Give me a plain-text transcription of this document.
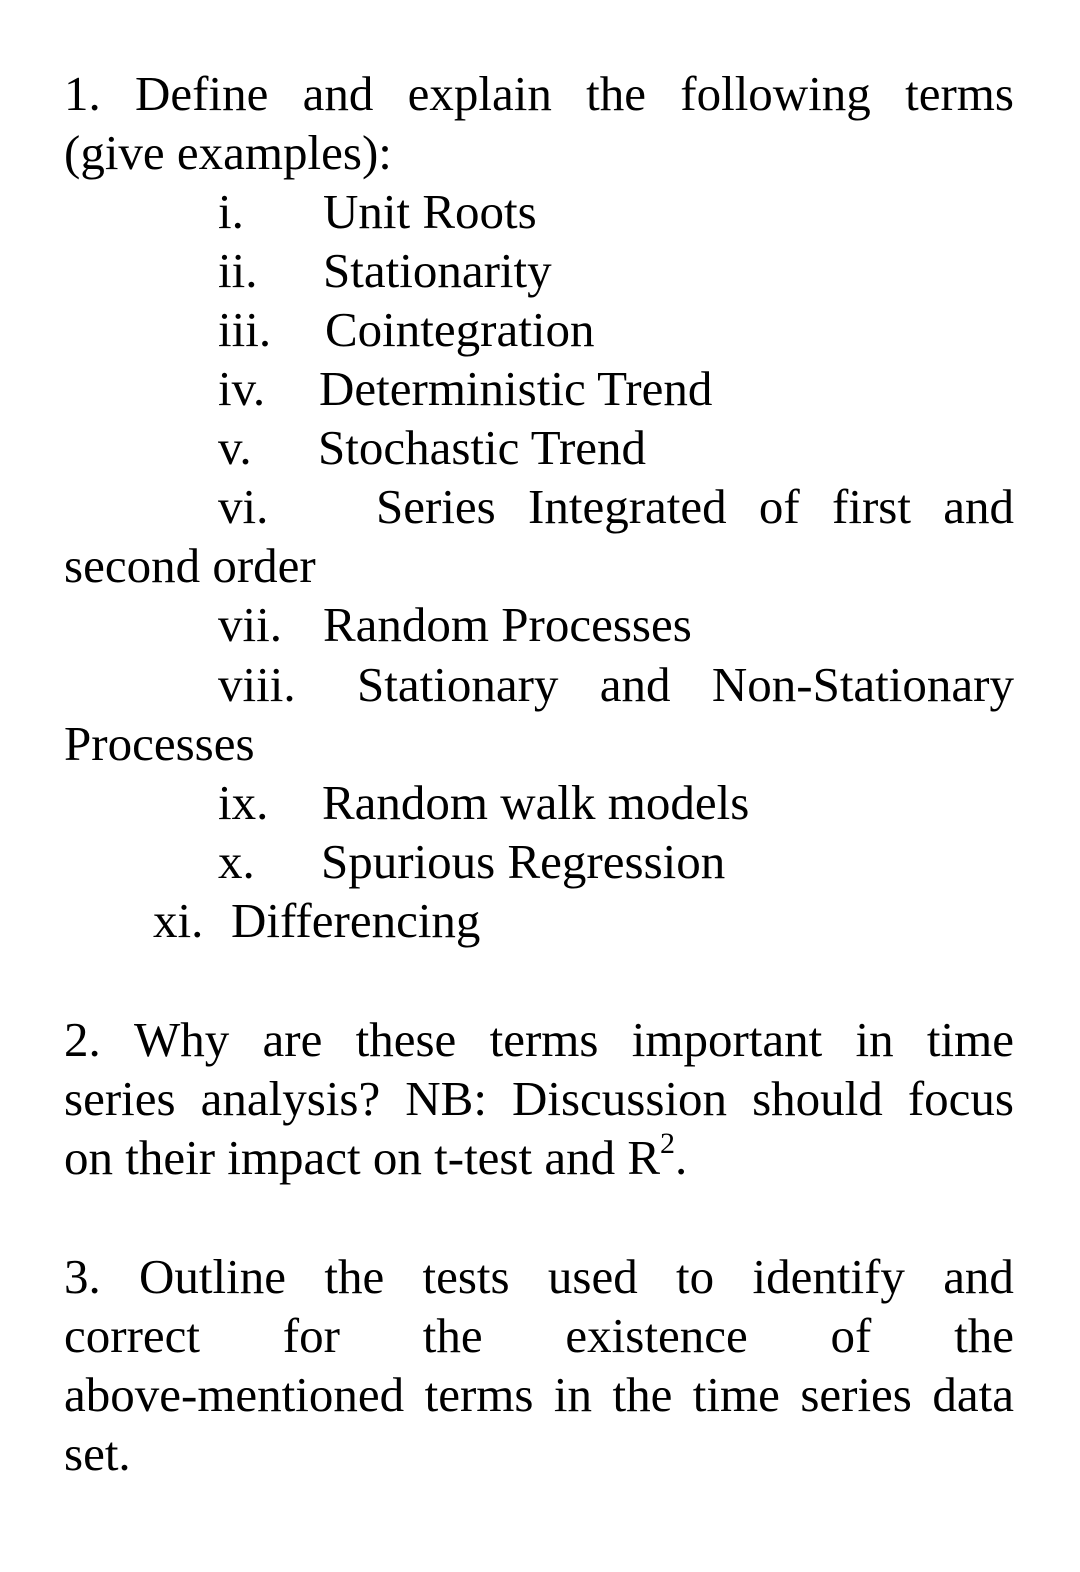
1. Define and explain the following terms
(give examples):
i. Unit Roots
ii. Stationarity
iii. Cointegration
iv. Deterministic Trend
v. Stochastic Trend
vi. Series Integrated of first and
second order
vii. Random Processes
viii. Stationary and Non-Stationary
Processes
ix. Random walk models
x. Spurious Regression
xi. Differencing
2. Why are these terms important in time
series analysis? NB: Discussion should focus
on their impact on t-test and $R^2$.
3. Outline the tests used to identify and
correct for the existence of the
above-mentioned terms in the time series data
set.
